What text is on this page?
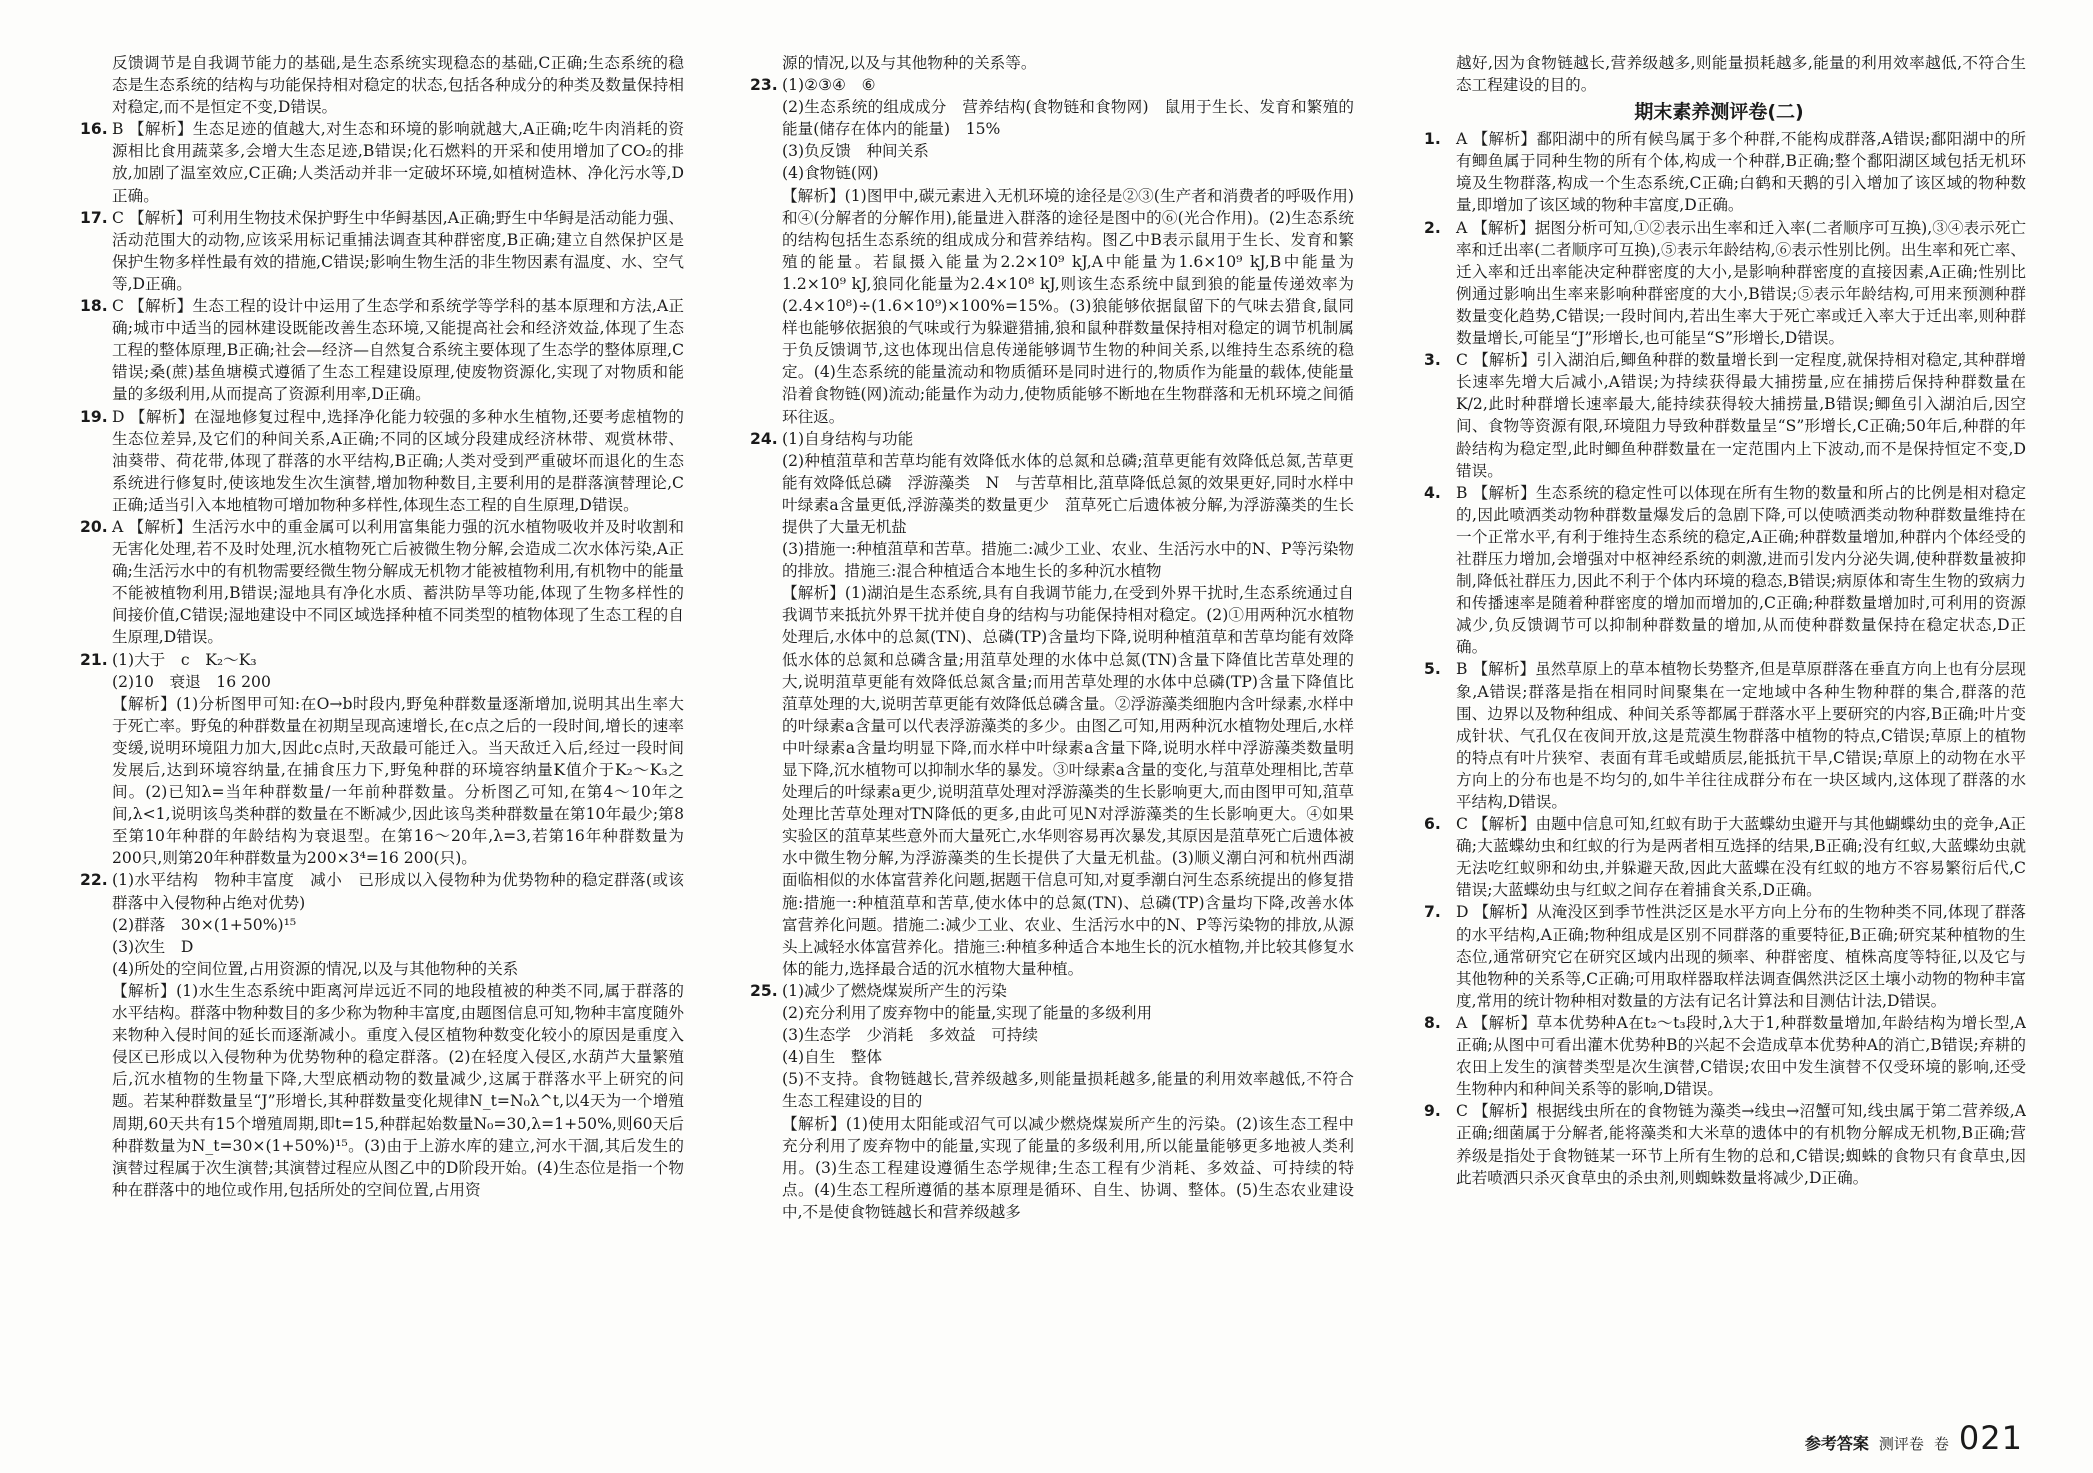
反馈调节是自我调节能力的基础,是生态系统实现稳态的基础,C正确;生态系统的稳态是生态系统的结构与功能保持相对稳定的状态,包括各种成分的种类及数量保持相对稳定,而不是恒定不变,D错误。

16. B 【解析】生态足迹的值越大,对生态和环境的影响就越大,A正确;吃牛肉消耗的资源相比食用蔬菜多,会增大生态足迹,B错误;化石燃料的开采和使用增加了CO₂的排放,加剧了温室效应,C正确;人类活动并非一定破坏环境,如植树造林、净化污水等,D正确。

17. C 【解析】可利用生物技术保护野生中华鲟基因,A正确;野生中华鲟是活动能力强、活动范围大的动物,应该采用标记重捕法调查其种群密度,B正确;建立自然保护区是保护生物多样性最有效的措施,C错误;影响生物生活的非生物因素有温度、水、空气等,D正确。

18. C 【解析】生态工程的设计中运用了生态学和系统学等学科的基本原理和方法,A正确;城市中适当的园林建设既能改善生态环境,又能提高社会和经济效益,体现了生态工程的整体原理,B正确;社会—经济—自然复合系统主要体现了生态学的整体原理,C错误;桑(蔗)基鱼塘模式遵循了生态工程建设原理,使废物资源化,实现了对物质和能量的多级利用,从而提高了资源利用率,D正确。

19. D 【解析】在湿地修复过程中,选择净化能力较强的多种水生植物,还要考虑植物的生态位差异,及它们的种间关系,A正确;不同的区域分段建成经济林带、观赏林带、油葵带、荷花带,体现了群落的水平结构,B正确;人类对受到严重破坏而退化的生态系统进行修复时,使该地发生次生演替,增加物种数目,主要利用的是群落演替理论,C正确;适当引入本地植物可增加物种多样性,体现生态工程的自生原理,D错误。

20. A 【解析】生活污水中的重金属可以利用富集能力强的沉水植物吸收并及时收割和无害化处理,若不及时处理,沉水植物死亡后被微生物分解,会造成二次水体污染,A正确;生活污水中的有机物需要经微生物分解成无机物才能被植物利用,有机物中的能量不能被植物利用,B错误;湿地具有净化水质、蓄洪防旱等功能,体现了生物多样性的间接价值,C错误;湿地建设中不同区域选择种植不同类型的植物体现了生态工程的自生原理,D错误。

21. (1)大于　c　K₂～K₃

(2)10　衰退　16 200

【解析】(1)分析图甲可知:在O→b时段内,野兔种群数量逐渐增加,说明其出生率大于死亡率。野兔的种群数量在初期呈现高速增长,在c点之后的一段时间,增长的速率变缓,说明环境阻力加大,因此c点时,天敌最可能迁入。当天敌迁入后,经过一段时间发展后,达到环境容纳量,在捕食压力下,野兔种群的环境容纳量K值介于K₂～K₃之间。(2)已知λ=当年种群数量/一年前种群数量。分析图乙可知,在第4～10年之间,λ<1,说明该鸟类种群的数量在不断减少,因此该鸟类种群数量在第10年最少;第8至第10年种群的年龄结构为衰退型。在第16～20年,λ=3,若第16年种群数量为200只,则第20年种群数量为200×3⁴=16 200(只)。

22. (1)水平结构　物种丰富度　减小　已形成以入侵物种为优势物种的稳定群落(或该群落中入侵物种占绝对优势)

(2)群落　30×(1+50%)¹⁵

(3)次生　D

(4)所处的空间位置,占用资源的情况,以及与其他物种的关系

【解析】(1)水生生态系统中距离河岸远近不同的地段植被的种类不同,属于群落的水平结构。群落中物种数目的多少称为物种丰富度,由题图信息可知,物种丰富度随外来物种入侵时间的延长而逐渐减小。重度入侵区植物种数变化较小的原因是重度入侵区已形成以入侵物种为优势物种的稳定群落。(2)在轻度入侵区,水葫芦大量繁殖后,沉水植物的生物量下降,大型底栖动物的数量减少,这属于群落水平上研究的问题。若某种群数量呈“J”形增长,其种群数量变化规律N_t=N₀λ^t,以4天为一个增殖周期,60天共有15个增殖周期,即t=15,种群起始数量N₀=30,λ=1+50%,则60天后种群数量为N_t=30×(1+50%)¹⁵。(3)由于上游水库的建立,河水干涸,其后发生的演替过程属于次生演替;其演替过程应从图乙中的D阶段开始。(4)生态位是指一个物种在群落中的地位或作用,包括所处的空间位置,占用资

源的情况,以及与其他物种的关系等。

23. (1)②③④　⑥

(2)生态系统的组成成分　营养结构(食物链和食物网)　鼠用于生长、发育和繁殖的能量(储存在体内的能量)　15%

(3)负反馈　种间关系

(4)食物链(网)

【解析】(1)图甲中,碳元素进入无机环境的途径是②③(生产者和消费者的呼吸作用)和④(分解者的分解作用),能量进入群落的途径是图中的⑥(光合作用)。(2)生态系统的结构包括生态系统的组成成分和营养结构。图乙中B表示鼠用于生长、发育和繁殖的能量。若鼠摄入能量为2.2×10⁹ kJ,A中能量为1.6×10⁹ kJ,B中能量为1.2×10⁹ kJ,狼同化能量为2.4×10⁸ kJ,则该生态系统中鼠到狼的能量传递效率为(2.4×10⁸)÷(1.6×10⁹)×100%=15%。(3)狼能够依据鼠留下的气味去猎食,鼠同样也能够依据狼的气味或行为躲避猎捕,狼和鼠种群数量保持相对稳定的调节机制属于负反馈调节,这也体现出信息传递能够调节生物的种间关系,以维持生态系统的稳定。(4)生态系统的能量流动和物质循环是同时进行的,物质作为能量的载体,使能量沿着食物链(网)流动;能量作为动力,使物质能够不断地在生物群落和无机环境之间循环往返。

24. (1)自身结构与功能

(2)种植菹草和苦草均能有效降低水体的总氮和总磷;菹草更能有效降低总氮,苦草更能有效降低总磷　浮游藻类　N　与苦草相比,菹草降低总氮的效果更好,同时水样中叶绿素a含量更低,浮游藻类的数量更少　菹草死亡后遗体被分解,为浮游藻类的生长提供了大量无机盐

(3)措施一:种植菹草和苦草。措施二:减少工业、农业、生活污水中的N、P等污染物的排放。措施三:混合种植适合本地生长的多种沉水植物

【解析】(1)湖泊是生态系统,具有自我调节能力,在受到外界干扰时,生态系统通过自我调节来抵抗外界干扰并使自身的结构与功能保持相对稳定。(2)①用两种沉水植物处理后,水体中的总氮(TN)、总磷(TP)含量均下降,说明种植菹草和苦草均能有效降低水体的总氮和总磷含量;用菹草处理的水体中总氮(TN)含量下降值比苦草处理的大,说明菹草更能有效降低总氮含量;而用苦草处理的水体中总磷(TP)含量下降值比菹草处理的大,说明苦草更能有效降低总磷含量。②浮游藻类细胞内含叶绿素,水样中的叶绿素a含量可以代表浮游藻类的多少。由图乙可知,用两种沉水植物处理后,水样中叶绿素a含量均明显下降,而水样中叶绿素a含量下降,说明水样中浮游藻类数量明显下降,沉水植物可以抑制水华的暴发。③叶绿素a含量的变化,与菹草处理相比,苦草处理后的叶绿素a更少,说明菹草处理对浮游藻类的生长影响更大,而由图甲可知,菹草处理比苦草处理对TN降低的更多,由此可见N对浮游藻类的生长影响更大。④如果实验区的菹草某些意外而大量死亡,水华则容易再次暴发,其原因是菹草死亡后遗体被水中微生物分解,为浮游藻类的生长提供了大量无机盐。(3)顺义潮白河和杭州西湖面临相似的水体富营养化问题,据题干信息可知,对夏季潮白河生态系统提出的修复措施:措施一:种植菹草和苦草,使水体中的总氮(TN)、总磷(TP)含量均下降,改善水体富营养化问题。措施二:减少工业、农业、生活污水中的N、P等污染物的排放,从源头上减轻水体富营养化。措施三:种植多种适合本地生长的沉水植物,并比较其修复水体的能力,选择最合适的沉水植物大量种植。

25. (1)减少了燃烧煤炭所产生的污染

(2)充分利用了废弃物中的能量,实现了能量的多级利用

(3)生态学　少消耗　多效益　可持续

(4)自生　整体

(5)不支持。食物链越长,营养级越多,则能量损耗越多,能量的利用效率越低,不符合生态工程建设的目的

【解析】(1)使用太阳能或沼气可以减少燃烧煤炭所产生的污染。(2)该生态工程中充分利用了废弃物中的能量,实现了能量的多级利用,所以能量能够更多地被人类利用。(3)生态工程建设遵循生态学规律;生态工程有少消耗、多效益、可持续的特点。(4)生态工程所遵循的基本原理是循环、自生、协调、整体。(5)生态农业建设中,不是使食物链越长和营养级越多

越好,因为食物链越长,营养级越多,则能量损耗越多,能量的利用效率越低,不符合生态工程建设的目的。

期末素养测评卷(二)
1. A 【解析】鄱阳湖中的所有候鸟属于多个种群,不能构成群落,A错误;鄱阳湖中的所有鲫鱼属于同种生物的所有个体,构成一个种群,B正确;整个鄱阳湖区域包括无机环境及生物群落,构成一个生态系统,C正确;白鹤和天鹅的引入增加了该区域的物种数量,即增加了该区域的物种丰富度,D正确。

2. A 【解析】据图分析可知,①②表示出生率和迁入率(二者顺序可互换),③④表示死亡率和迁出率(二者顺序可互换),⑤表示年龄结构,⑥表示性别比例。出生率和死亡率、迁入率和迁出率能决定种群密度的大小,是影响种群密度的直接因素,A正确;性别比例通过影响出生率来影响种群密度的大小,B错误;⑤表示年龄结构,可用来预测种群数量变化趋势,C错误;一段时间内,若出生率大于死亡率或迁入率大于迁出率,则种群数量增长,可能呈“J”形增长,也可能呈“S”形增长,D错误。

3. C 【解析】引入湖泊后,鲫鱼种群的数量增长到一定程度,就保持相对稳定,其种群增长速率先增大后减小,A错误;为持续获得最大捕捞量,应在捕捞后保持种群数量在K/2,此时种群增长速率最大,能持续获得较大捕捞量,B错误;鲫鱼引入湖泊后,因空间、食物等资源有限,环境阻力导致种群数量呈“S”形增长,C正确;50年后,种群的年龄结构为稳定型,此时鲫鱼种群数量在一定范围内上下波动,而不是保持恒定不变,D错误。

4. B 【解析】生态系统的稳定性可以体现在所有生物的数量和所占的比例是相对稳定的,因此喷洒类动物种群数量爆发后的急剧下降,可以使喷洒类动物种群数量维持在一个正常水平,有利于维持生态系统的稳定,A正确;种群数量增加,种群内个体经受的社群压力增加,会增强对中枢神经系统的刺激,进而引发内分泌失调,使种群数量被抑制,降低社群压力,因此不利于个体内环境的稳态,B错误;病原体和寄生生物的致病力和传播速率是随着种群密度的增加而增加的,C正确;种群数量增加时,可利用的资源减少,负反馈调节可以抑制种群数量的增加,从而使种群数量保持在稳定状态,D正确。

5. B 【解析】虽然草原上的草本植物长势整齐,但是草原群落在垂直方向上也有分层现象,A错误;群落是指在相同时间聚集在一定地域中各种生物种群的集合,群落的范围、边界以及物种组成、种间关系等都属于群落水平上要研究的内容,B正确;叶片变成针状、气孔仅在夜间开放,这是荒漠生物群落中植物的特点,C错误;草原上的植物的特点有叶片狭窄、表面有茸毛或蜡质层,能抵抗干旱,C错误;草原上的动物在水平方向上的分布也是不均匀的,如牛羊往往成群分布在一块区域内,这体现了群落的水平结构,D错误。

6. C 【解析】由题中信息可知,红蚁有助于大蓝蝶幼虫避开与其他蝴蝶幼虫的竞争,A正确;大蓝蝶幼虫和红蚁的行为是两者相互选择的结果,B正确;没有红蚁,大蓝蝶幼虫就无法吃红蚁卵和幼虫,并躲避天敌,因此大蓝蝶在没有红蚁的地方不容易繁衍后代,C错误;大蓝蝶幼虫与红蚁之间存在着捕食关系,D正确。

7. D 【解析】从淹没区到季节性洪泛区是水平方向上分布的生物种类不同,体现了群落的水平结构,A正确;物种组成是区别不同群落的重要特征,B正确;研究某种植物的生态位,通常研究它在研究区域内出现的频率、种群密度、植株高度等特征,以及它与其他物种的关系等,C正确;可用取样器取样法调查偶然洪泛区土壤小动物的物种丰富度,常用的统计物种相对数量的方法有记名计算法和目测估计法,D错误。

8. A 【解析】草本优势种A在t₂～t₃段时,λ大于1,种群数量增加,年龄结构为增长型,A正确;从图中可看出灌木优势种B的兴起不会造成草本优势种A的消亡,B错误;弃耕的农田上发生的演替类型是次生演替,C错误;农田中发生演替不仅受环境的影响,还受生物种内和种间关系等的影响,D错误。

9. C 【解析】根据线虫所在的食物链为藻类→线虫→沼蟹可知,线虫属于第二营养级,A正确;细菌属于分解者,能将藻类和大米草的遗体中的有机物分解成无机物,B正确;营养级是指处于食物链某一环节上所有生物的总和,C错误;蜘蛛的食物只有食草虫,因此若喷洒只杀灭食草虫的杀虫剂,则蜘蛛数量将减少,D正确。

参考答案 测评卷 卷 021
